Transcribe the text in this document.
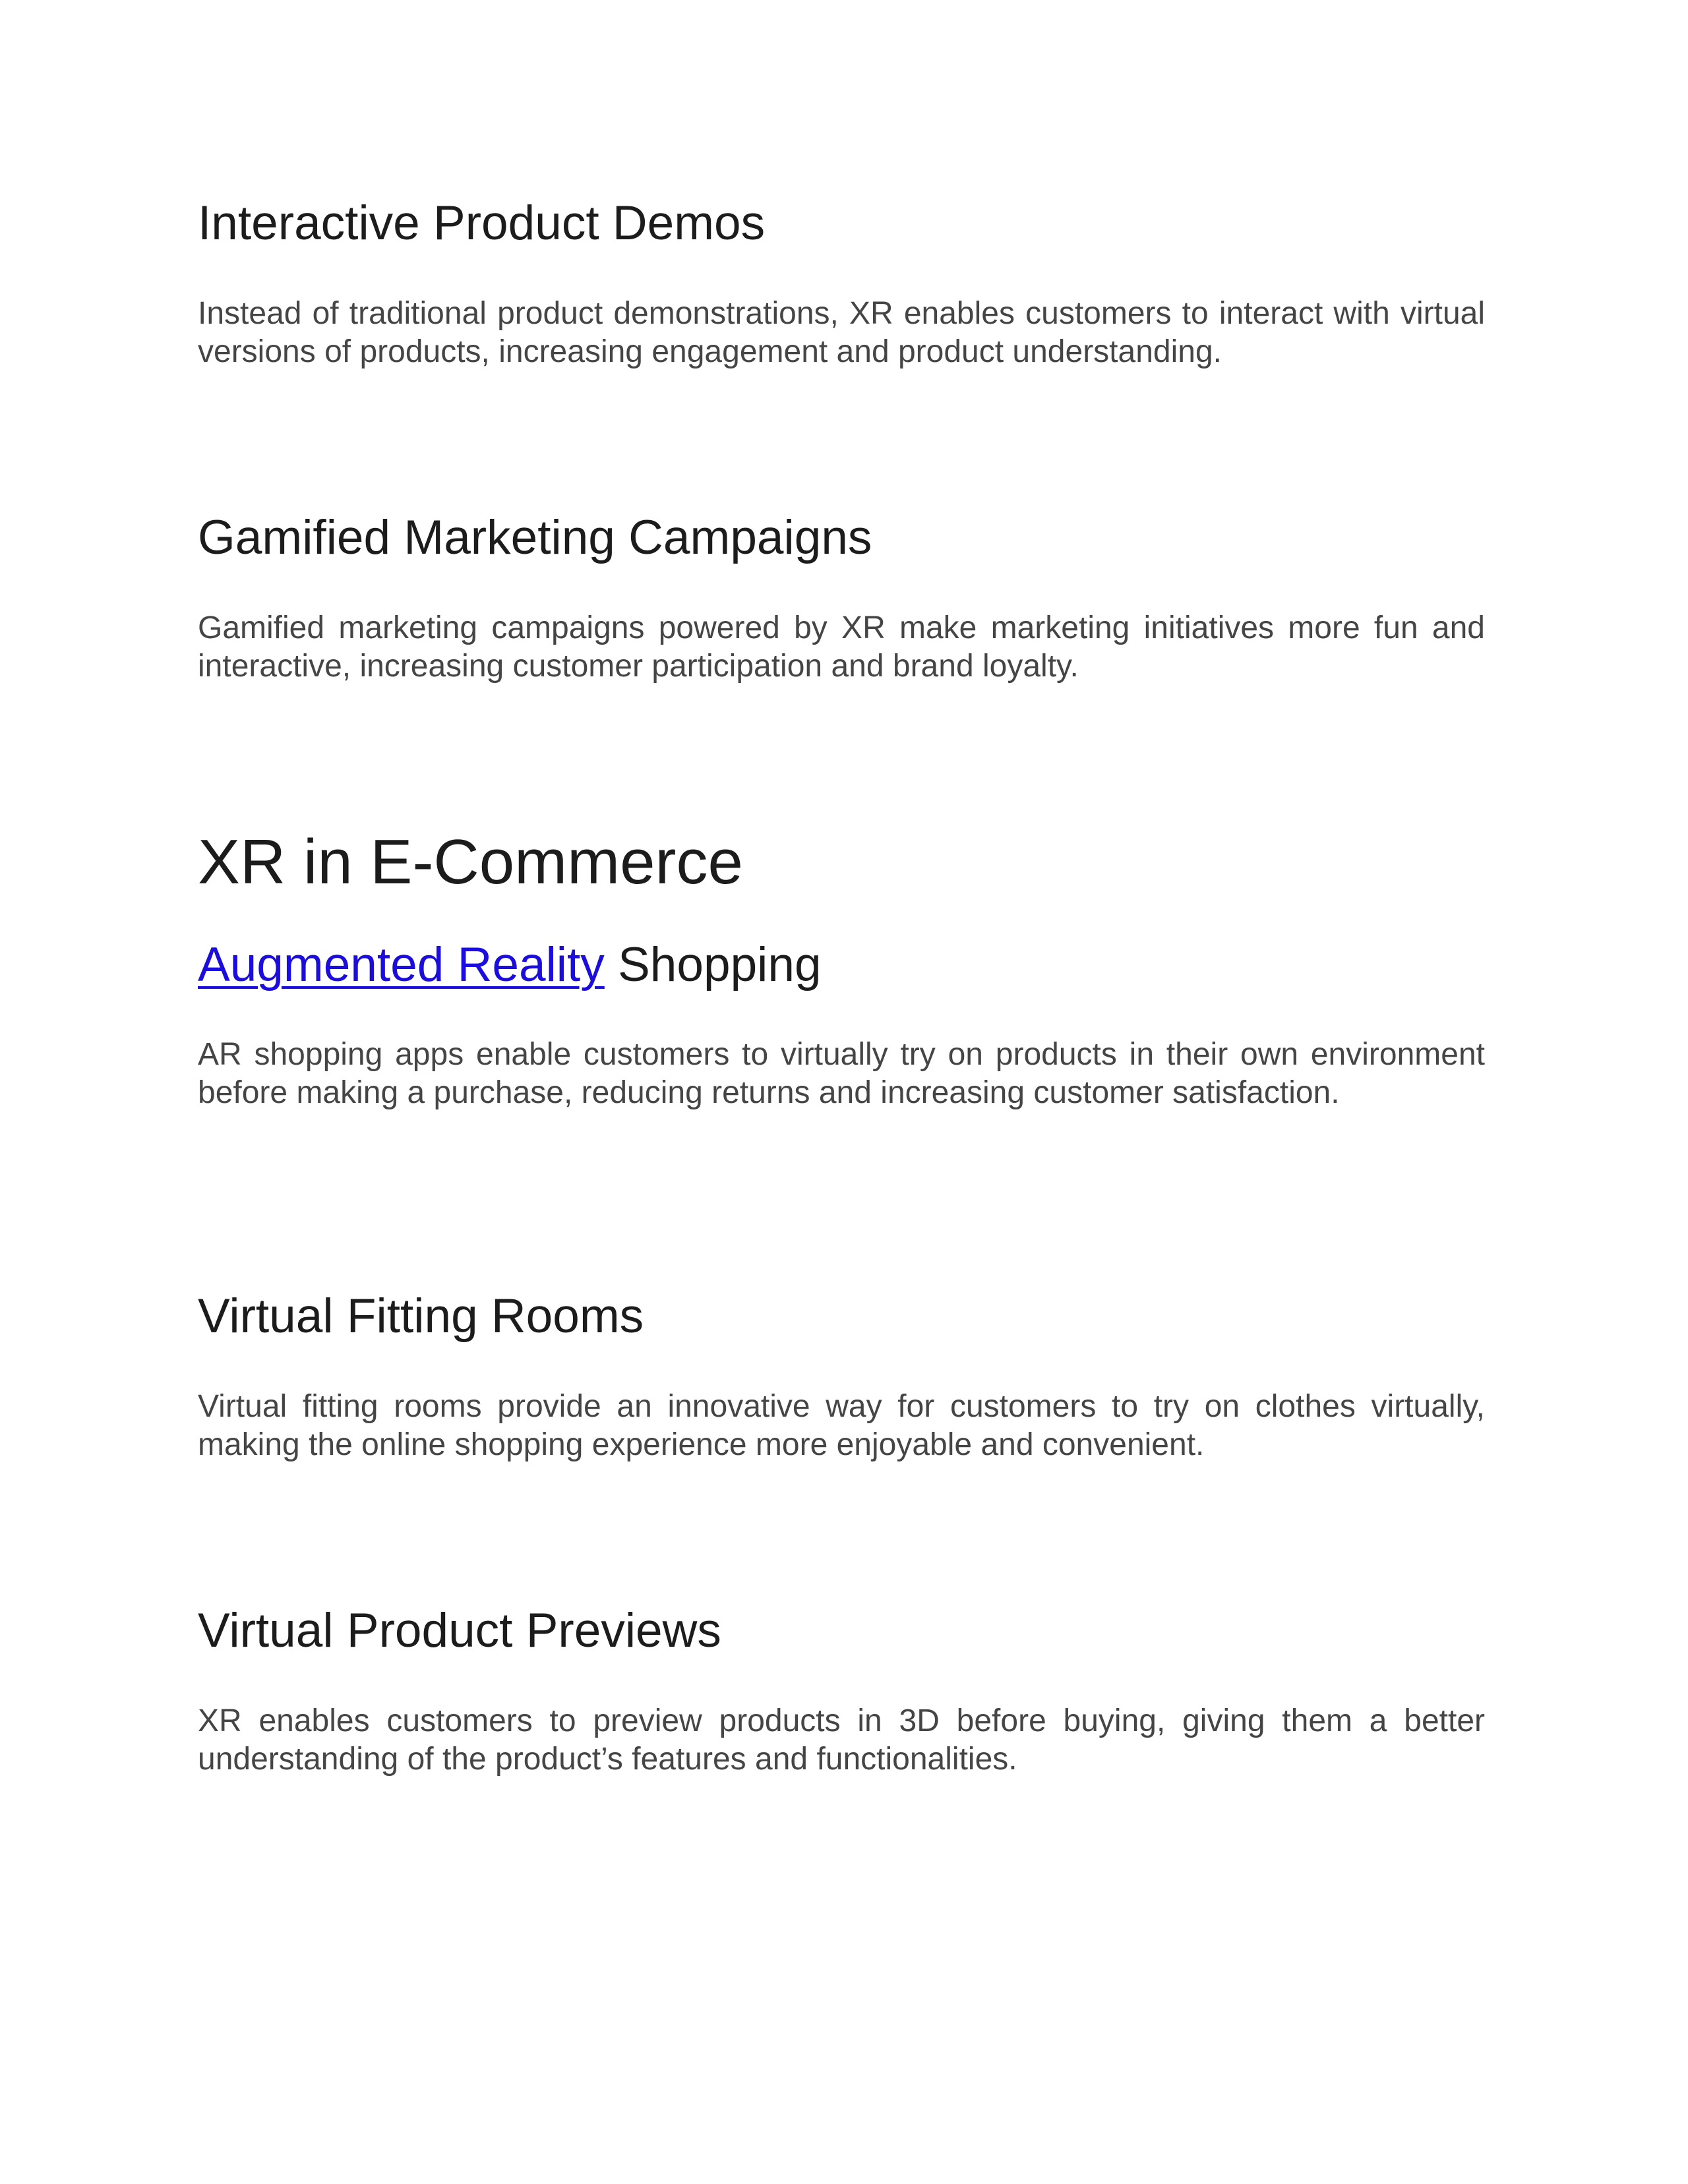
Interactive Product Demos

Instead of traditional product demonstrations, XR enables customers to interact with virtual versions of products, increasing engagement and product understanding.

Gamified Marketing Campaigns

Gamified marketing campaigns powered by XR make marketing initiatives more fun and interactive, increasing customer participation and brand loyalty.

XR in E-Commerce
Augmented Reality Shopping

AR shopping apps enable customers to virtually try on products in their own environment before making a purchase, reducing returns and increasing customer satisfaction.

Virtual Fitting Rooms

Virtual fitting rooms provide an innovative way for customers to try on clothes virtually, making the online shopping experience more enjoyable and convenient.

Virtual Product Previews

XR enables customers to preview products in 3D before buying, giving them a better understanding of the product’s features and functionalities.
